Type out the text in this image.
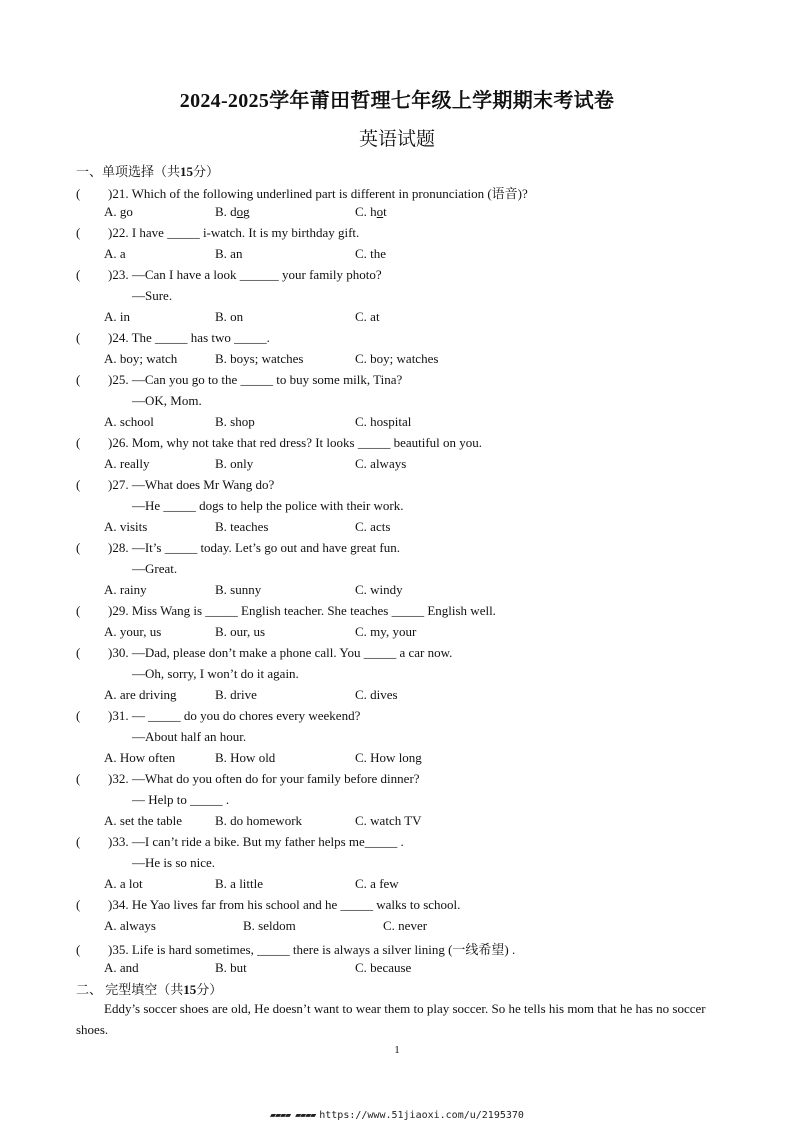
2024-2025学年莆田哲理七年级上学期期末考试卷
英语试题
一、单项选择（共15分）
( )21. Which of the following underlined part is different in pronunciation (语音)?
A. go	B. dog	C. hot
( )22. I have _____ i-watch. It is my birthday gift.
A. a	B. an	C. the
( )23. —Can I have a look ______ your family photo?
—Sure.
A. in	B. on	C. at
( )24. The _____ has two _____.
A. boy; watch	B. boys; watches	C. boy; watches
( )25. —Can you go to the _____ to buy some milk, Tina?
—OK, Mom.
A. school	B. shop	C. hospital
( )26. Mom, why not take that red dress? It looks _____ beautiful on you.
A. really	B. only	C. always
( )27. —What does Mr Wang do?
—He _____ dogs to help the police with their work.
A. visits	B. teaches	C. acts
( )28. —It’s _____ today. Let’s go out and have great fun.
—Great.
A. rainy	B. sunny	C. windy
( )29. Miss Wang is _____ English teacher. She teaches _____ English well.
A. your, us	B. our, us	C. my, your
( )30. —Dad, please don’t make a phone call. You _____ a car now.
—Oh, sorry, I won’t do it again.
A. are driving	B. drive	C. dives
( )31. — _____ do you do chores every weekend?
—About half an hour.
A. How often	B. How old	C. How long
( )32. —What do you often do for your family before dinner?
— Help to _____ .
A. set the table	B. do homework	C. watch TV
( )33. —I can’t ride a bike. But my father helps me_____ .
—He is so nice.
A. a lot	B. a little	C. a few
( )34. He Yao lives far from his school and he _____ walks to school.
A. always	B. seldom	C. never
( )35. Life is hard sometimes, _____ there is always a silver lining (一线希望) .
A. and	B. but	C. because
二、 完型填空（共15分）
Eddy’s soccer shoes are old, He doesn’t want to wear them to play soccer. So he tells his mom that he has no soccer shoes.
1
▰▰▰▰ ▰▰▰▰ https://www.51jiaoxi.com/u/2195370
